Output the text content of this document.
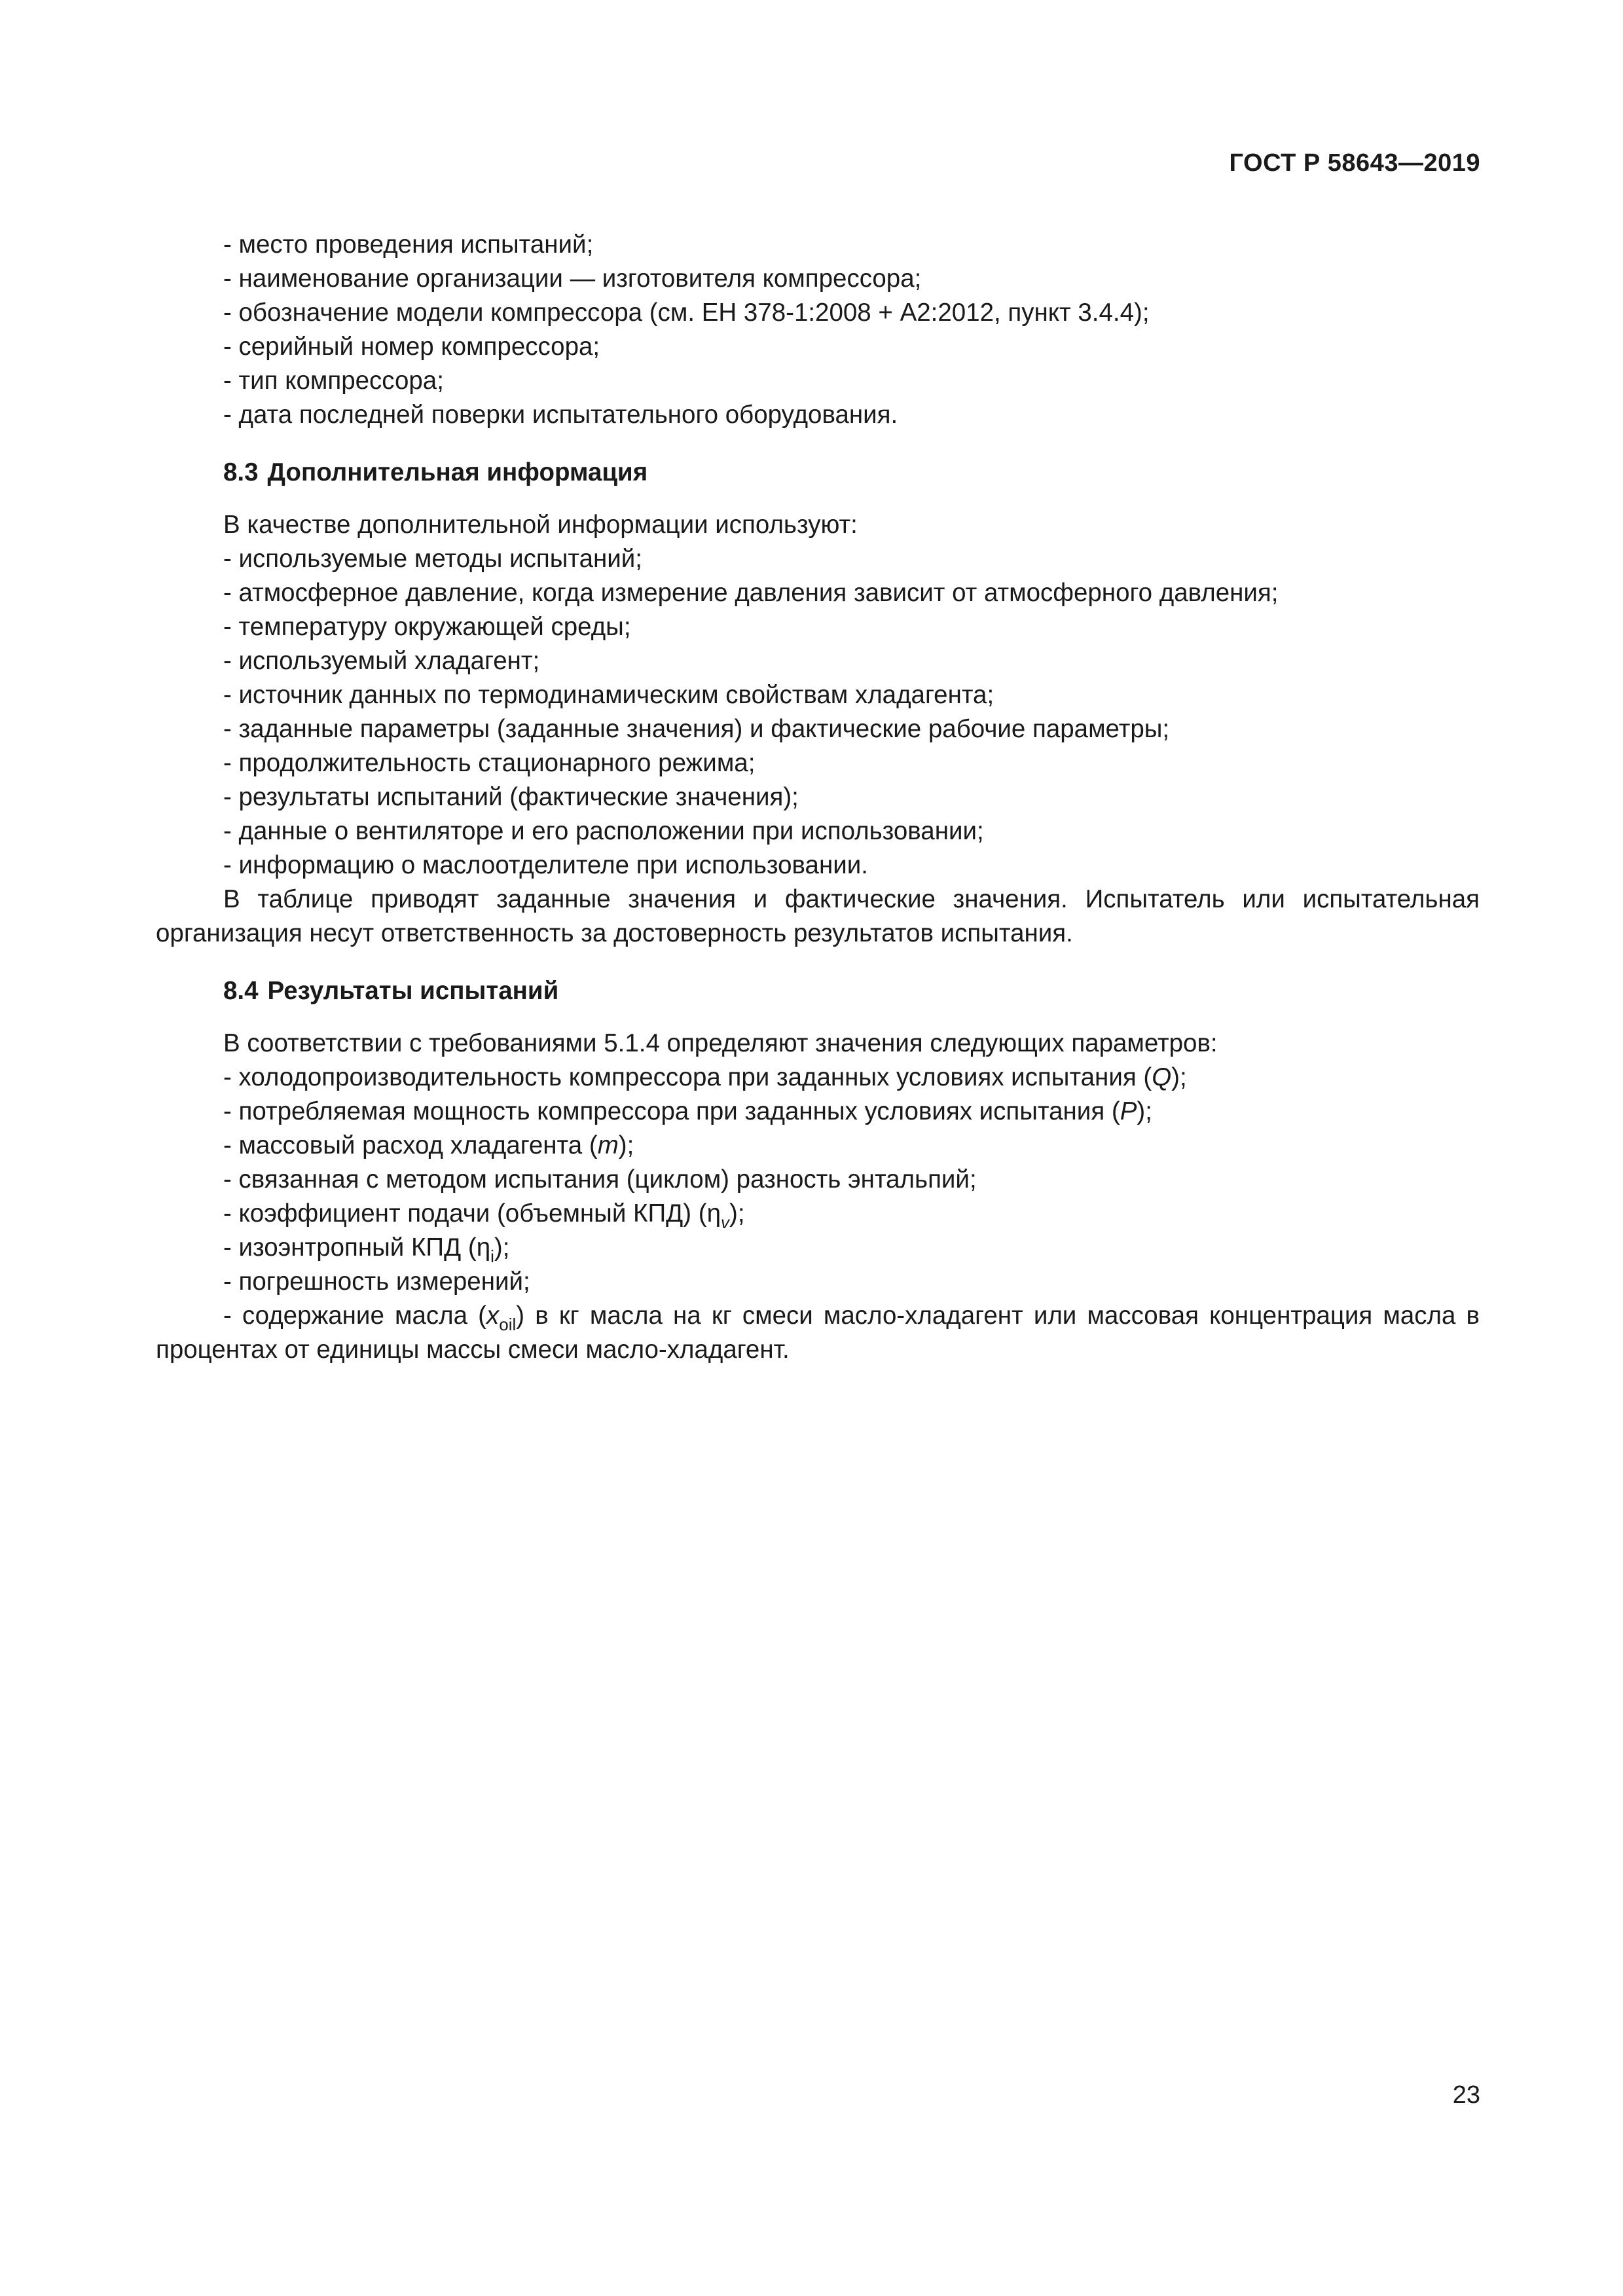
ГОСТ Р 58643—2019
- место проведения испытаний;
- наименование организации — изготовителя компрессора;
- обозначение модели компрессора (см. ЕН 378-1:2008 + А2:2012, пункт 3.4.4);
- серийный номер компрессора;
- тип компрессора;
- дата последней поверки испытательного оборудования.
8.3 Дополнительная информация
В качестве дополнительной информации используют:
- используемые методы испытаний;
- атмосферное давление, когда измерение давления зависит от атмосферного давления;
- температуру окружающей среды;
- используемый хладагент;
- источник данных по термодинамическим свойствам хладагента;
- заданные параметры (заданные значения) и фактические рабочие параметры;
- продолжительность стационарного режима;
- результаты испытаний (фактические значения);
- данные о вентиляторе и его расположении при использовании;
- информацию о маслоотделителе при использовании.
В таблице приводят заданные значения и фактические значения. Испытатель или испытательная организация несут ответственность за достоверность результатов испытания.
8.4 Результаты испытаний
В соответствии с требованиями 5.1.4 определяют значения следующих параметров:
- холодопроизводительность компрессора при заданных условиях испытания (Q);
- потребляемая мощность компрессора при заданных условиях испытания (P);
- массовый расход хладагента (m);
- связанная с методом испытания (циклом) разность энтальпий;
- коэффициент подачи (объемный КПД) $(\eta_v)$;
- изоэнтропный КПД $(\eta_i)$;
- погрешность измерений;
- содержание масла $(x_{oil})$ в кг масла на кг смеси масло-хладагент или массовая концентрация масла в процентах от единицы массы смеси масло-хладагент.
23
